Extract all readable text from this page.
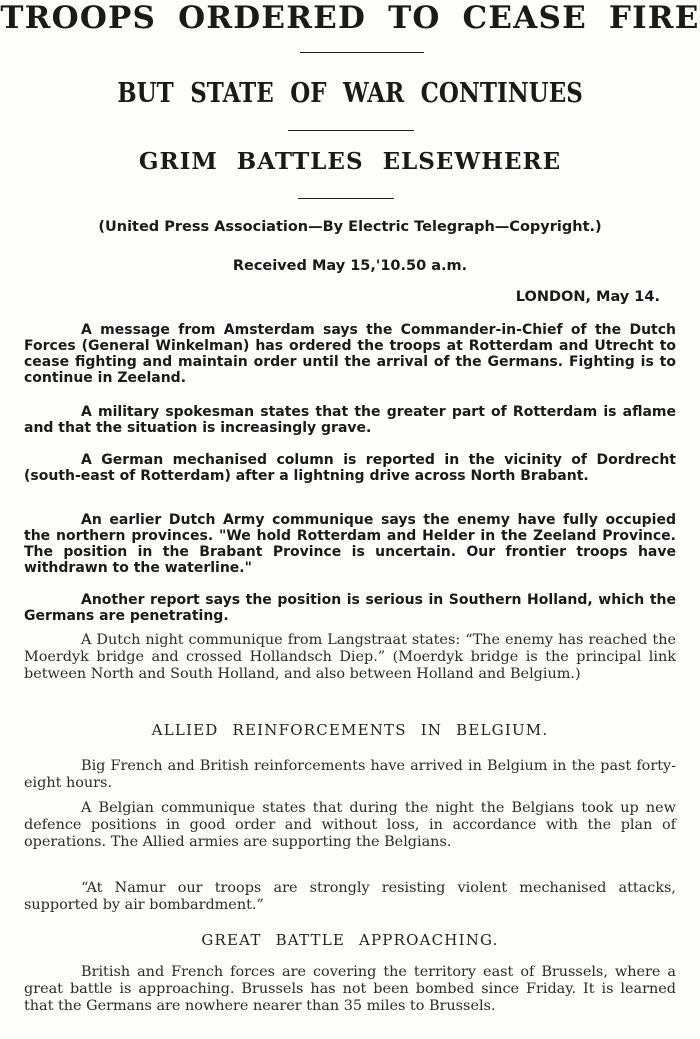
TROOPS ORDERED TO CEASE FIRE
BUT STATE OF WAR CONTINUES
GRIM BATTLES ELSEWHERE

(United Press Association—By Electric Telegraph—Copyright.)

Received May 15,'10.50 a.m.

LONDON, May 14.

A message from Amsterdam says the Commander-in-Chief of the Dutch Forces (General Winkelman) has ordered the troops at Rotterdam and Utrecht to cease fighting and maintain order until the arrival of the Germans. Fighting is to continue in Zeeland.

A military spokesman states that the greater part of Rotterdam is aflame and that the situation is increasingly grave.

A German mechanised column is reported in the vicinity of Dordrecht (south-east of Rotterdam) after a lightning drive across North Brabant.

An earlier Dutch Army communique says the enemy have fully occupied the northern provinces. "We hold Rotterdam and Helder in the Zeeland Province. The position in the Brabant Province is uncertain. Our frontier troops have withdrawn to the waterline."

Another report says the position is serious in Southern Holland, which the Germans are penetrating.

A Dutch night communique from Langstraat states: “The enemy has reached the Moerdyk bridge and crossed Hollandsch Diep.” (Moerdyk bridge is the principal link between North and South Holland, and also between Holland and Belgium.)

ALLIED REINFORCEMENTS IN BELGIUM.

Big French and British reinforcements have arrived in Belgium in the past forty-eight hours.

A Belgian communique states that during the night the Belgians took up new defence positions in good order and without loss, in accordance with the plan of operations. The Allied armies are supporting the Belgians.

“At Namur our troops are strongly resisting violent mechanised attacks, supported by air bombardment.”

GREAT BATTLE APPROACHING.

British and French forces are covering the territory east of Brussels, where a great battle is approaching. Brussels has not been bombed since Friday. It is learned that the Germans are nowhere nearer than 35 miles to Brussels.
